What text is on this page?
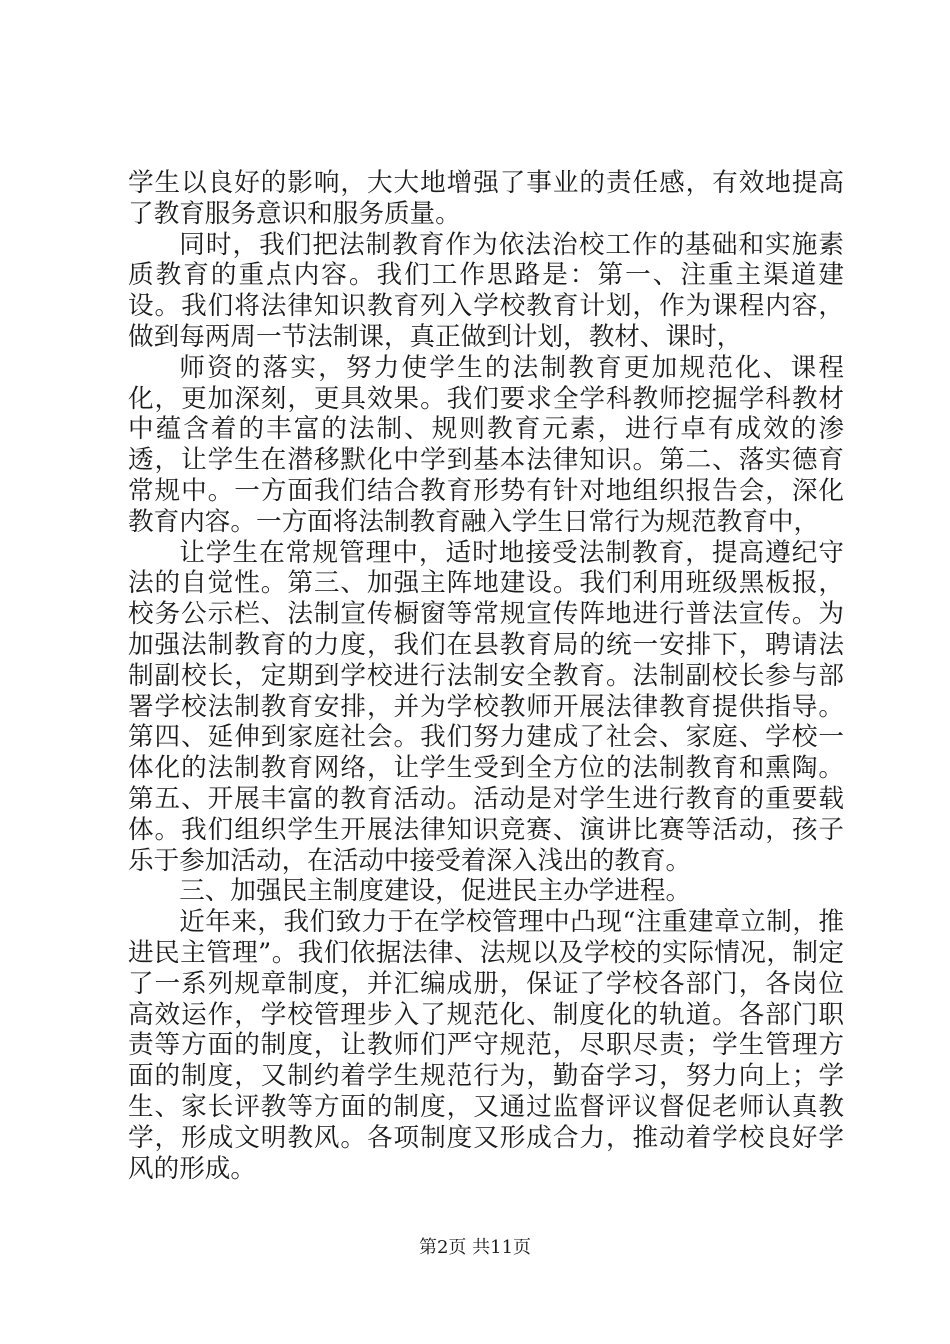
学生以良好的影响，大大地增强了事业的责任感，有效地提高了教育服务意识和服务质量。

同时，我们把法制教育作为依法治校工作的基础和实施素质教育的重点内容。我们工作思路是：第一、注重主渠道建设。我们将法律知识教育列入学校教育计划，作为课程内容，做到每两周一节法制课，真正做到计划，教材、课时，

师资的落实，努力使学生的法制教育更加规范化、课程化，更加深刻，更具效果。我们要求全学科教师挖掘学科教材中蕴含着的丰富的法制、规则教育元素，进行卓有成效的渗透，让学生在潜移默化中学到基本法律知识。第二、落实德育常规中。一方面我们结合教育形势有针对地组织报告会，深化教育内容。一方面将法制教育融入学生日常行为规范教育中，

让学生在常规管理中，适时地接受法制教育，提高遵纪守法的自觉性。第三、加强主阵地建设。我们利用班级黑板报，校务公示栏、法制宣传橱窗等常规宣传阵地进行普法宣传。为加强法制教育的力度，我们在县教育局的统一安排下，聘请法制副校长，定期到学校进行法制安全教育。法制副校长参与部署学校法制教育安排，并为学校教师开展法律教育提供指导。第四、延伸到家庭社会。我们努力建成了社会、家庭、学校一体化的法制教育网络，让学生受到全方位的法制教育和熏陶。第五、开展丰富的教育活动。活动是对学生进行教育的重要载体。我们组织学生开展法律知识竞赛、演讲比赛等活动，孩子乐于参加活动，在活动中接受着深入浅出的教育。

三、加强民主制度建设，促进民主办学进程。

近年来，我们致力于在学校管理中凸现“注重建章立制，推进民主管理”。我们依据法律、法规以及学校的实际情况，制定了一系列规章制度，并汇编成册，保证了学校各部门，各岗位高效运作，学校管理步入了规范化、制度化的轨道。各部门职责等方面的制度，让教师们严守规范，尽职尽责；学生管理方面的制度，又制约着学生规范行为，勤奋学习，努力向上；学生、家长评教等方面的制度，又通过监督评议督促老师认真教学，形成文明教风。各项制度又形成合力，推动着学校良好学风的形成。

第2页 共11页
